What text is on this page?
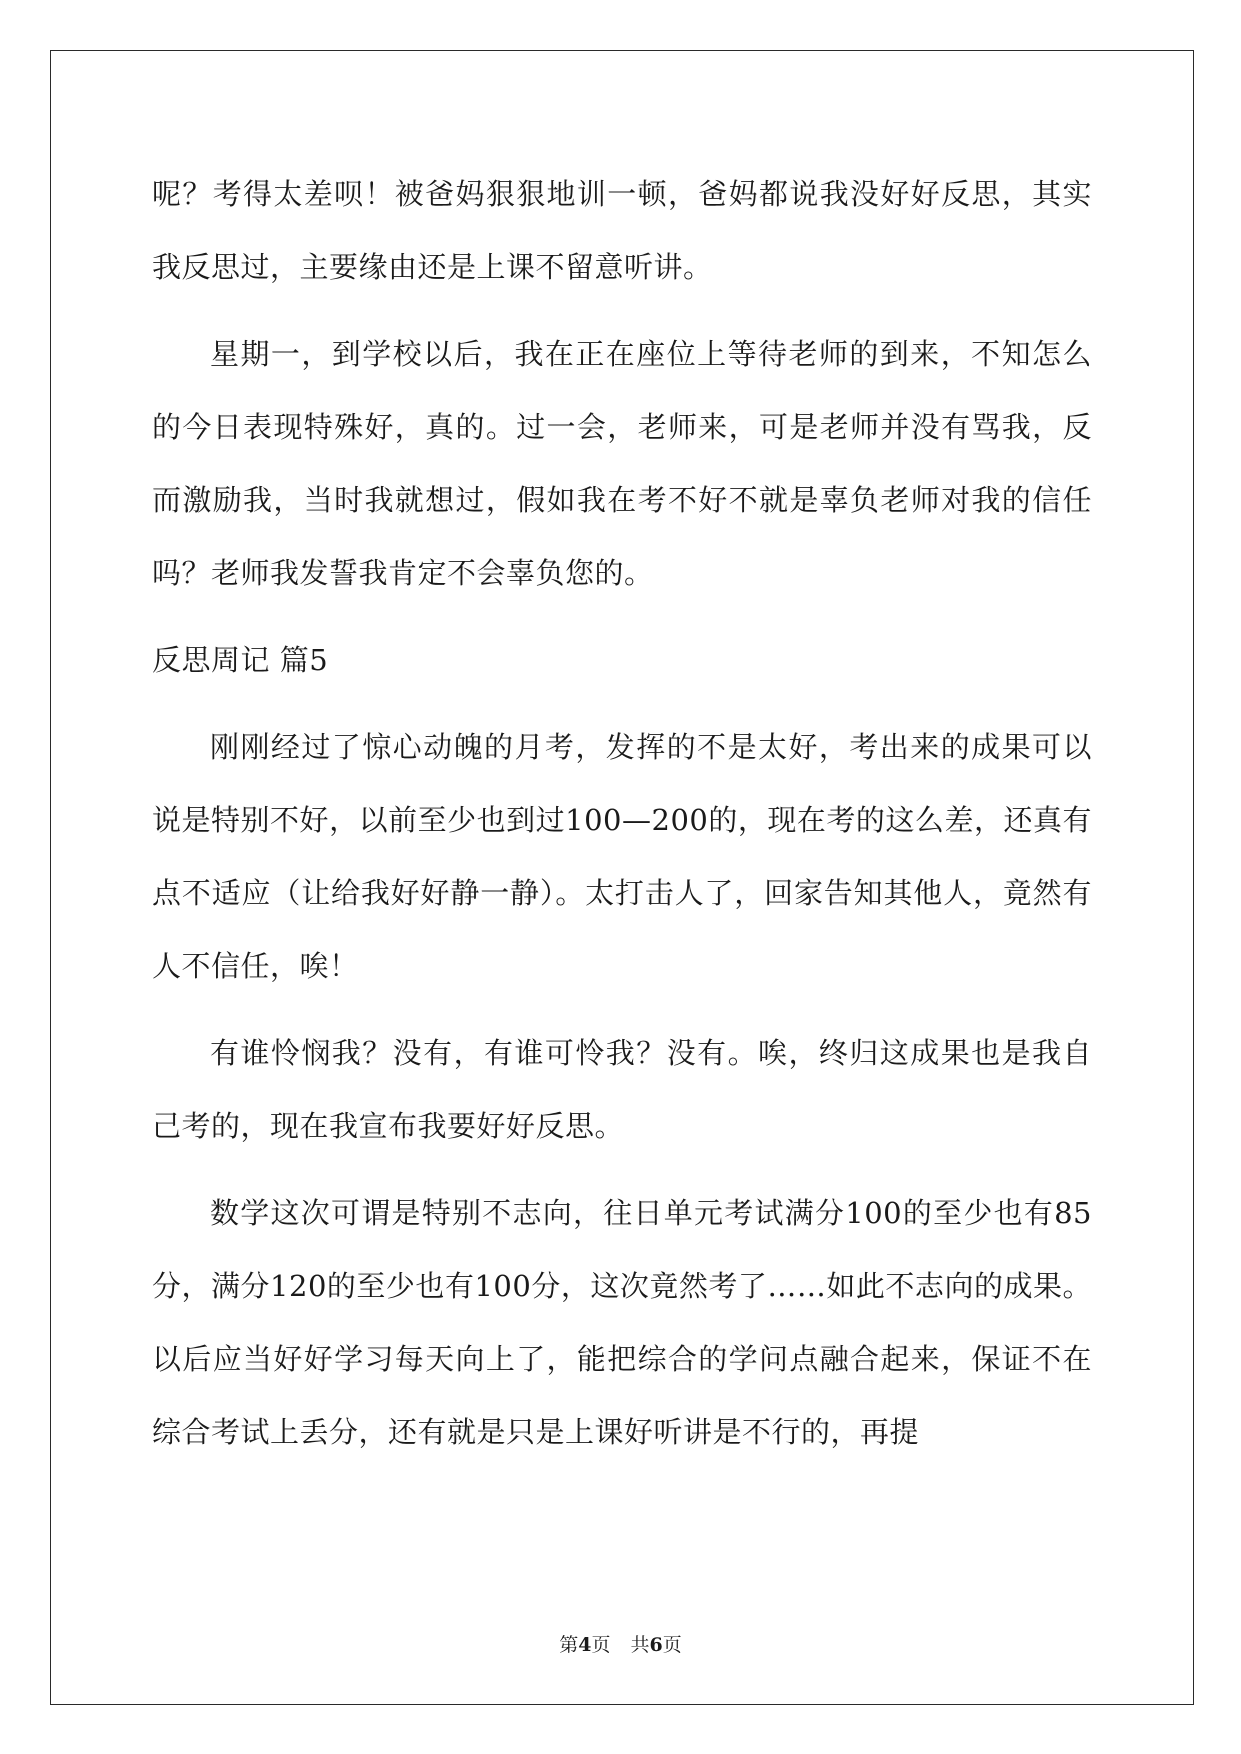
呢？考得太差呗！被爸妈狠狠地训一顿，爸妈都说我没好好反思，其实我反思过，主要缘由还是上课不留意听讲。

星期一，到学校以后，我在正在座位上等待老师的到来，不知怎么的今日表现特殊好，真的。过一会，老师来，可是老师并没有骂我，反而激励我，当时我就想过，假如我在考不好不就是辜负老师对我的信任吗？老师我发誓我肯定不会辜负您的。

反思周记 篇5

刚刚经过了惊心动魄的月考，发挥的不是太好，考出来的成果可以说是特别不好，以前至少也到过100—200的，现在考的这么差，还真有点不适应（让给我好好静一静）。太打击人了，回家告知其他人，竟然有人不信任，唉！

有谁怜悯我？没有，有谁可怜我？没有。唉，终归这成果也是我自己考的，现在我宣布我要好好反思。

数学这次可谓是特别不志向，往日单元考试满分100的至少也有85分，满分120的至少也有100分，这次竟然考了……如此不志向的成果。以后应当好好学习每天向上了，能把综合的学问点融合起来，保证不在综合考试上丢分，还有就是只是上课好听讲是不行的，再提

第4页 共6页
